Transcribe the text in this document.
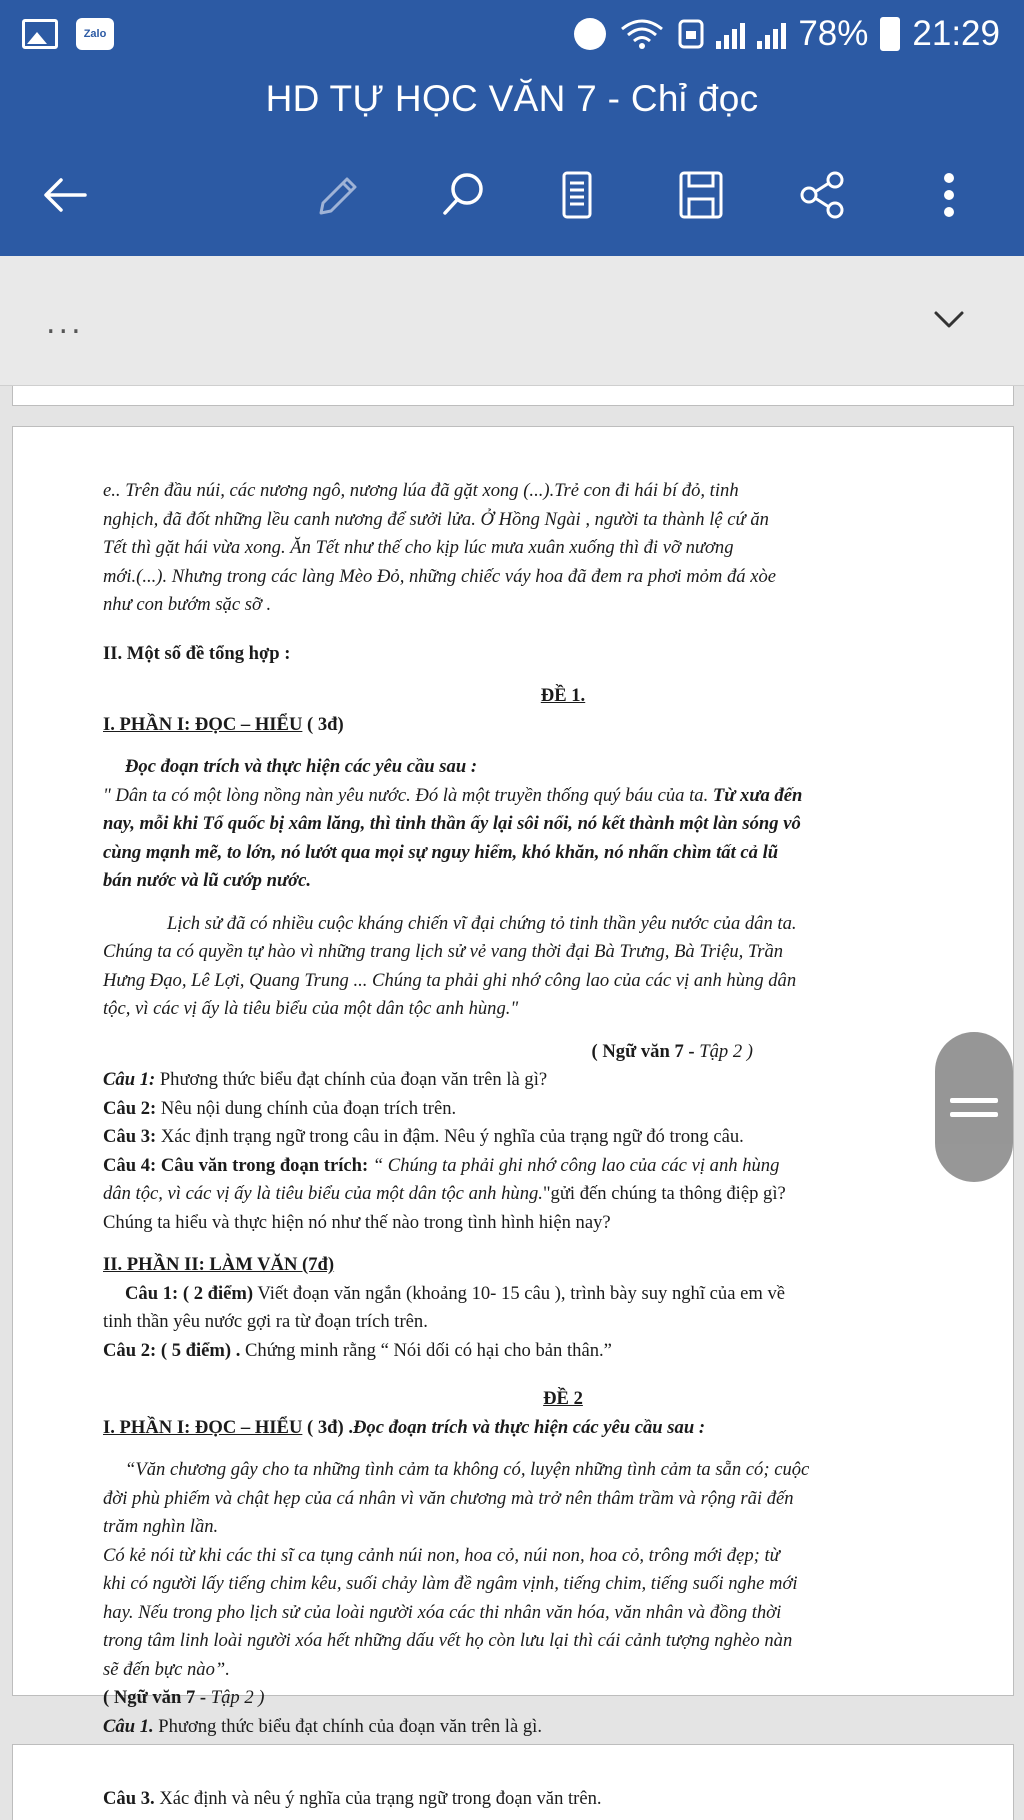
Zalo	78% 21:29
HD TỰ HỌC VĂN 7 - Chỉ đọc
...

e.. Trên đầu núi, các nương ngô, nương lúa đã gặt xong (...).Trẻ con đi hái bí đỏ, tinh

nghịch, đã đốt những lều canh nương để sưởi lửa. Ở Hồng Ngài , người ta thành lệ cứ ăn

Tết thì gặt hái vừa xong. Ăn Tết như thế cho kịp lúc mưa xuân xuống thì đi vỡ nương

mới.(...). Nhưng trong các làng Mèo Đỏ, những chiếc váy hoa đã đem ra phơi mỏm đá xòe

như con bướm sặc sỡ .

II. Một số đề tổng hợp :

ĐỀ 1.

I. PHẦN I: ĐỌC – HIỂU ( 3đ)

Đọc đoạn trích và thực hiện các yêu cầu sau :

" Dân ta có một lòng nồng nàn yêu nước. Đó là một truyền thống quý báu của ta. Từ xưa đến

nay, mỗi khi Tổ quốc bị xâm lăng, thì tinh thần ấy lại sôi nổi, nó kết thành một làn sóng vô

cùng mạnh mẽ, to lớn, nó lướt qua mọi sự nguy hiểm, khó khăn, nó nhấn chìm tất cả lũ

bán nước và lũ cướp nước.

Lịch sử đã có nhiều cuộc kháng chiến vĩ đại chứng tỏ tinh thần yêu nước của dân ta.

Chúng ta có quyền tự hào vì những trang lịch sử vẻ vang thời đại Bà Trưng, Bà Triệu, Trần

Hưng Đạo, Lê Lợi, Quang Trung ... Chúng ta phải ghi nhớ công lao của các vị anh hùng dân

tộc, vì các vị ấy là tiêu biểu của một dân tộc anh hùng."

( Ngữ văn 7 - Tập 2 )

Câu 1: Phương thức biểu đạt chính của đoạn văn trên là gì?

Câu 2: Nêu nội dung chính của đoạn trích trên.

Câu 3: Xác định trạng ngữ trong câu in đậm. Nêu ý nghĩa của trạng ngữ đó trong câu.

Câu 4: Câu văn trong đoạn trích: “ Chúng ta phải ghi nhớ công lao của các vị anh hùng

dân tộc, vì các vị ấy là tiêu biểu của một dân tộc anh hùng."gửi đến chúng ta thông điệp gì?

Chúng ta hiểu và thực hiện nó như thế nào trong tình hình hiện nay?

II. PHẦN II: LÀM VĂN (7đ)

Câu 1: ( 2 điểm) Viết đoạn văn ngắn (khoảng 10- 15 câu ), trình bày suy nghĩ của em về

tinh thần yêu nước gợi ra từ đoạn trích trên.

Câu 2: ( 5 điểm) . Chứng minh rằng “ Nói dối có hại cho bản thân.”

ĐỀ 2

I. PHẦN I: ĐỌC – HIỂU ( 3đ) .Đọc đoạn trích và thực hiện các yêu cầu sau :

“Văn chương gây cho ta những tình cảm ta không có, luyện những tình cảm ta sẵn có; cuộc

đời phù phiếm và chật hẹp của cá nhân vì văn chương mà trở nên thâm trầm và rộng rãi đến

trăm nghìn lần.

Có kẻ nói từ khi các thi sĩ ca tụng cảnh núi non, hoa cỏ, núi non, hoa cỏ, trông mới đẹp; từ

khi có người lấy tiếng chim kêu, suối chảy làm đề ngâm vịnh, tiếng chim, tiếng suối nghe mới

hay. Nếu trong pho lịch sử của loài người xóa các thi nhân văn hóa, văn nhân và đồng thời

trong tâm linh loài người xóa hết những dấu vết họ còn lưu lại thì cái cảnh tượng nghèo nàn

sẽ đến bực nào”.

( Ngữ văn 7 - Tập 2 )

Câu 1. Phương thức biểu đạt chính của đoạn văn trên là gì.

Câu 3. Xác định và nêu ý nghĩa của trạng ngữ trong đoạn văn trên.
